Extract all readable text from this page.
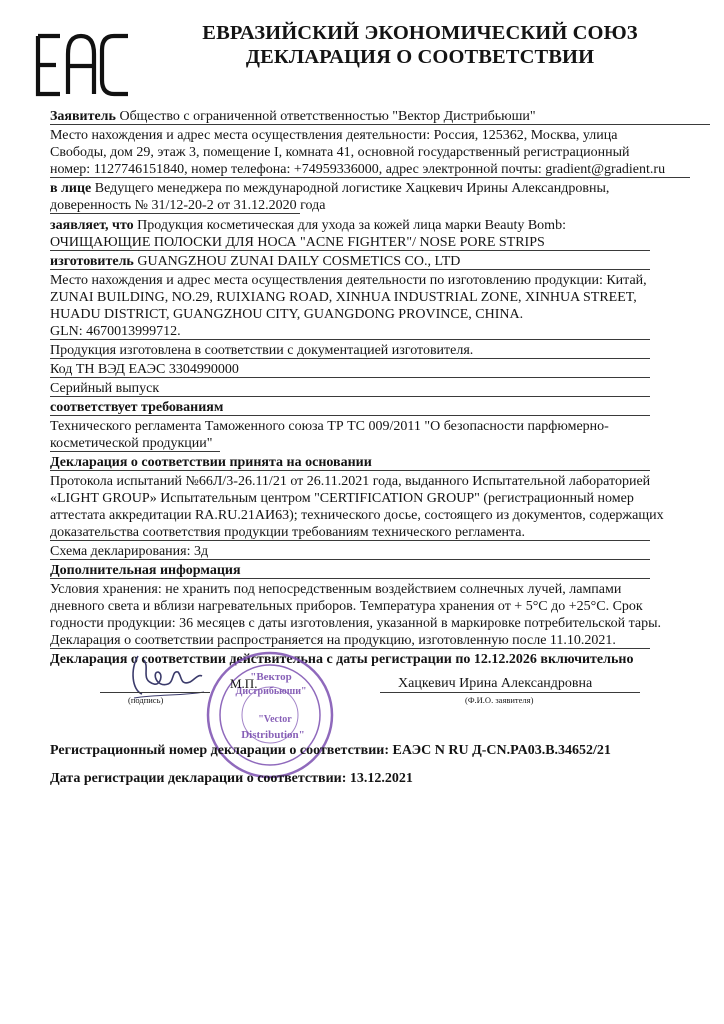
EAC	ЕВРАЗИЙСКИЙ ЭКОНОМИЧЕСКИЙ СОЮЗ
ДЕКЛАРАЦИЯ О СООТВЕТСТВИИ
Заявитель Общество с ограниченной ответственностью "Вектор Дистрибьюши"
Место нахождения и адрес места осуществления деятельности: Россия, 125362, Москва, улица
Свободы, дом 29, этаж 3, помещение I, комната 41, основной государственный регистрационный
номер: 1127746151840, номер телефона: +74959336000, адрес электронной почты: gradient@gradient.ru
в лице Ведущего менеджера по международной логистике Хацкевич Ирины Александровны,
доверенность № 31/12-20-2 от 31.12.2020 года
заявляет, что Продукция косметическая для ухода за кожей лица марки Beauty Bomb:
ОЧИЩАЮЩИЕ ПОЛОСКИ ДЛЯ НОСА "ACNE FIGHTER"/ NOSE PORE STRIPS
изготовитель GUANGZHOU ZUNAI DAILY COSMETICS CO., LTD
Место нахождения и адрес места осуществления деятельности по изготовлению продукции: Китай,
ZUNAI BUILDING, NO.29, RUIXIANG ROAD, XINHUA INDUSTRIAL ZONE, XINHUA STREET,
HUADU DISTRICT, GUANGZHOU CITY, GUANGDONG PROVINCE, CHINA.
GLN: 4670013999712.
Продукция изготовлена в соответствии с документацией изготовителя.
Код ТН ВЭД ЕАЭС 3304990000
Серийный выпуск
соответствует требованиям
Технического регламента Таможенного союза ТР ТС 009/2011 "О безопасности парфюмерно-
косметической продукции"
Декларация о соответствии принята на основании
Протокола испытаний №66Л/3-26.11/21 от 26.11.2021 года, выданного Испытательной лабораторией
«LIGHT GROUP» Испытательным центром "CERTIFICATION GROUP" (регистрационный номер
аттестата аккредитации RA.RU.21АИ63); технического досье, состоящего из документов, содержащих
доказательства соответствия продукции требованиям технического регламента.
Схема декларирования: 3д
Дополнительная информация
Условия хранения: не хранить под непосредственным воздействием солнечных лучей, лампами
дневного света и вблизи нагревательных приборов. Температура хранения от + 5°С до +25°С. Срок
годности продукции: 36 месяцев с даты изготовления, указанной в маркировке потребительской тары.
Декларация о соответствии распространяется на продукцию, изготовленную после 11.10.2021.
Декларация о соответствии действительна с даты регистрации по 12.12.2026 включительно
"Вектор
Дистрибьюши"
"Vector
Distribution"
М.П.
(подпись)
Хацкевич Ирина Александровна
(Ф.И.О. заявителя)
Регистрационный номер декларации о соответствии: ЕАЭС N RU Д-CN.PA03.B.34652/21
Дата регистрации декларации о соответствии: 13.12.2021
